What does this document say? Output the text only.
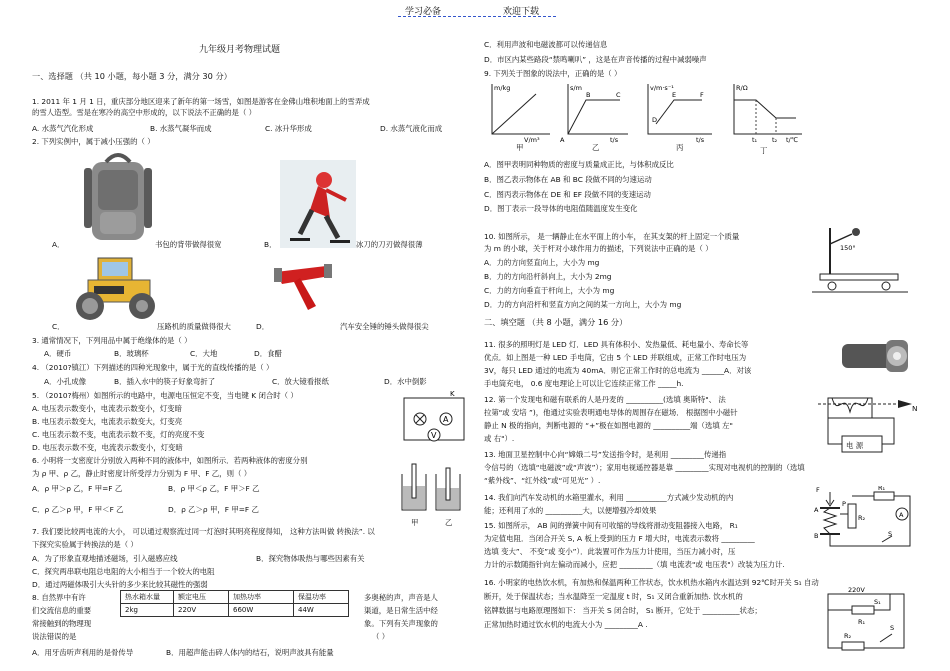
学习必备	欢迎下载
九年级月考物理试题
一、选择题 （共 10 小题，每小题 3 分，满分 30 分）
1. 2011 年 1 月 1 日，重庆部分地区迎来了新年的第一场雪，如图是游客在金佛山堆积地面上的雪弄成
的雪人造型。雪是在寒冷的高空中形成的，以下说法不正确的是（ ）
A. 水蒸气汽化形成	B. 水蒸气凝华而成	C. 冰升华形成	D. 水蒸气液化而成
2. 下列实例中，属于减小压强的（ ）
A．	书包的背带做得很宽	B．	冰刀的刀刃做得很薄
C．	压路机的质量做得很大	D．	汽车安全锤的锤头做得很尖
3. 通常情况下，下列用品中属于绝缘体的是（ ）
A．硬币	B．玻璃杯	C．大地	D．食醋
4. （2010?镇江）下列描述的四种光现象中，属于光的直线传播的是（ ）
A．小孔成像	B．插入水中的筷子好象弯折了	C．放大镜看报纸	D．水中倒影
5. （2010?梅州）如图所示的电路中，电源电压恒定不变，当电键 K 闭合时（ ）
A. 电压表示数变小，电流表示数变小，灯变暗
B. 电压表示数变大，电流表示数变大，灯变亮
C. 电压表示数不变，电流表示数不变，灯的亮度不变
D. 电压表示数不变，电流表示数变小，灯变暗
A
V
K
6. 小明将一支密度计分别放入两种不同的液体中，如图所示．若两种液体的密度分别
为 ρ 甲、ρ 乙，静止时密度计所受浮力分别为 F 甲、F 乙，则（ ）
A．ρ 甲＞ρ 乙，F 甲=F 乙	B．ρ 甲＜ρ 乙，F 甲＞F 乙
C．ρ 乙＞ρ 甲，F 甲＜F 乙	D．ρ 乙＞ρ 甲，F 甲=F 乙
甲	乙
7. 我们要比较两电流的大小， 可以通过观察流过同一灯泡时其明亮程度得知， 这种方法叫做 转换法”. 以
下探究实验属于转换法的是（ ）
A．为了形象直观地描述磁场，引入磁感应线	B．探究物体吸热与哪些因素有关
C．探究两串联电阻总电阻的大小相当于一个较大的电阻
D．通过两磁体吸引大头针的多少来比较其磁性的强弱
8. 自然界中有许
们交流信息的重要
常接触到的物理现
说法错误的是
热水箱水量	额定电压	加热功率	保温功率
2kg	220V	660W	44W
多奥秘的声，声音是人
渠道，是日常生活中经
象。下列有关声现象的
（ ）
A．用牙齿听声利用的是骨传导	B．用超声能击碎人体内的结石，说明声波具有能量
C．利用声波和电磁波都可以传递信息
D．市区内某些路段“禁鸣喇叭” ，这是在声音传播的过程中减弱噪声
9. 下列关于图象的说法中，正确的是（ ）
m/kg
V/m³
甲
s/m
t/s
B	C
A
乙
v/m·s⁻¹
t/s
D
E	F
丙
R/Ω
t/℃
t₁ t₂
丁
A．图甲表明同种物质的密度与质量成正比，与体积成反比
B．图乙表示物体在 AB 和 BC 段做不同的匀速运动
C．图丙表示物体在 DE 和 EF 段做不同的变速运动
D．图丁表示一段导体的电阻值随温度发生变化
10. 如图所示， 是一辆静止在水平面上的小车， 在其支架的杆上固定一个质量
为 m 的小球，关于杆对小球作用力的描述，下列说法中正确的是（ ）
A．力的方向竖直向上，大小为 mg
B．力的方向沿杆斜向上，大小为 2mg
C．力的方向垂直于杆向上，大小为 mg
D．力的方向沿杆和竖直方向之间的某一方向上，大小为 mg
150°
二、填空题 （共 8 小题，满分 16 分）
11. 很多的照明灯是 LED 灯．LED 具有体积小、发热量低、耗电量小、寿命长等
优点．如上图是一种 LED 手电筒，它由 5 个 LED 并联组成，正常工作时电压为
3V，每只 LED 通过的电流为 40mA．则它正常工作时的总电流为 ______A．对该
手电筒充电， 0.6 度电理论上可以让它连续正常工作 _____h.
12. 第一个发现电和磁有联系的人是丹麦的 __________(选填 奥斯特"、 法
拉第"或 安培 ”)，他通过实验表明通电导体的周围存在磁场． 根据图中小磁针
静止 N 极的指向，判断电源的 “+”极在如图电源的 __________端（选填 左"
或 右"）.
N
电 源
13. 地面卫星控制中心向“嫦娥二号”发送指令时，是利用 _________传递指
令信号的（选填“电磁波”或“声波”）；家用电视遥控器是靠 _________实现对电视机的控制的（选填
“紫外线”、“红外线”或“可见光” ）.
14. 我们向汽车发动机的水箱里灌水，利用 ___________方式减少发动机的内
能；还利用了水的 __________大，以便增强冷却效果
15. 如图所示， AB 间的弹簧中间有可收缩的导线将滑动变阻器接入电路， R₁
为定值电阻．当闭合开关 S, A 板上受到的压力 F 增大时，电流表示数将 _________
选填 变大”、 不变”或 变小”）．此装置可作为压力计使用，当压力减小时，压
力计的示数随指针向左偏动而减小，应把 _________（填 电流表"或 电压表"）改装为压力计.
F
A
P
B
R₁
R₂
S
A
16. 小明家的电热饮水机，有加热和保温两种工作状态，饮水机热水箱内水温达到 92℃时开关 S₁ 自动
断开，处于保温状态；当水温降至一定温度 t 时，S₁ 又闭合重新加热. 饮水机的
铭牌数据与电路原理图如下： 当开关 S 闭合时， S₁ 断开，它处于 __________状态；
正常加热时通过饮水机的电流大小为 _________A .
220V
S₁
R₁
R₂
S
